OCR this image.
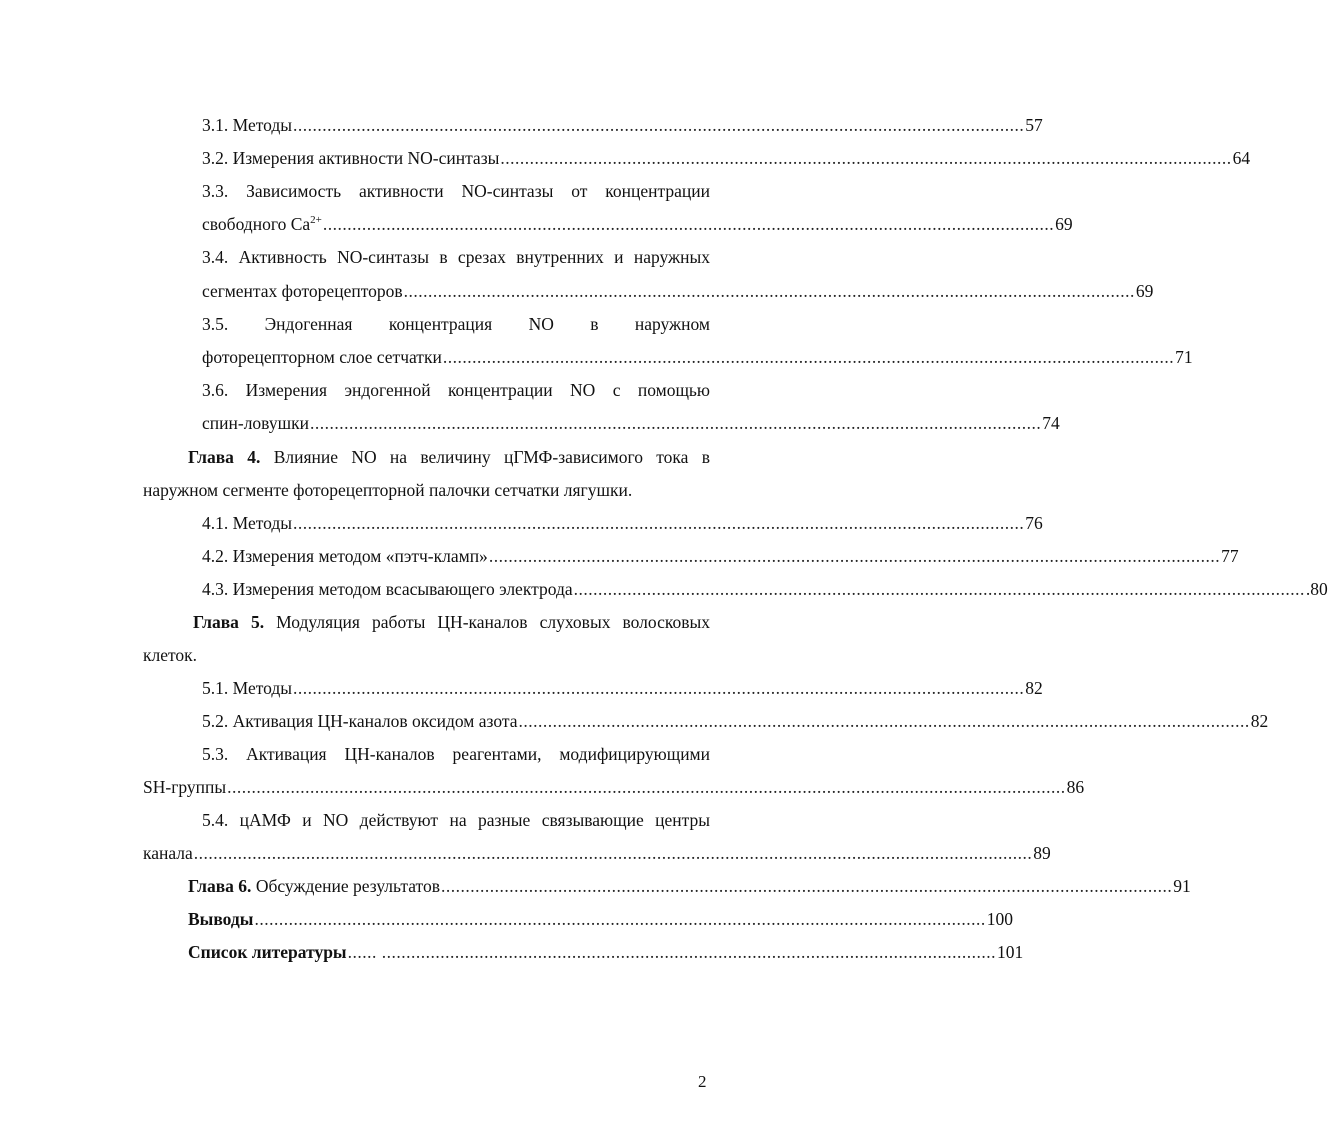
3.1. Методы ...................................................................................................................................................... 57
3.2. Измерения активности NO-синтазы ...................................................................................................................................................... 64
3.3. Зависимость активности NO-синтазы от концентрации
свободного $Ca^{2+}$ ...................................................................................................................................................... 69
3.4. Активность NO-синтазы в срезах внутренних и наружных
сегментах фоторецепторов ...................................................................................................................................................... 69
3.5. Эндогенная концентрация NO в наружном
фоторецепторном слое сетчатки ...................................................................................................................................................... 71
3.6. Измерения эндогенной концентрации NO с помощью
спин-ловушки ...................................................................................................................................................... 74
Глава 4. Влияние NO на величину цГМФ-зависимого тока в
наружном сегменте фоторецепторной палочки сетчатки лягушки.
4.1. Методы ...................................................................................................................................................... 76
4.2. Измерения методом «пэтч-кламп» ...................................................................................................................................................... 77
4.3. Измерения методом всасывающего электрода ...................................................................................................................................................... .80
Глава 5. Модуляция работы ЦН-каналов слуховых волосковых
клеток.
5.1. Методы ...................................................................................................................................................... 82
5.2. Активация ЦН-каналов оксидом азота ...................................................................................................................................................... 82
5.3. Активация ЦН-каналов реагентами, модифицирующими
SH-группы ............................................................................................................................................................................ 86
5.4. цАМФ и NO действуют на разные связывающие центры
канала ............................................................................................................................................................................ 89
Глава 6. Обсуждение результатов ...................................................................................................................................................... 91
Выводы ...................................................................................................................................................... 100
Список литературы ...... .............................................................................................................................. 101
2
